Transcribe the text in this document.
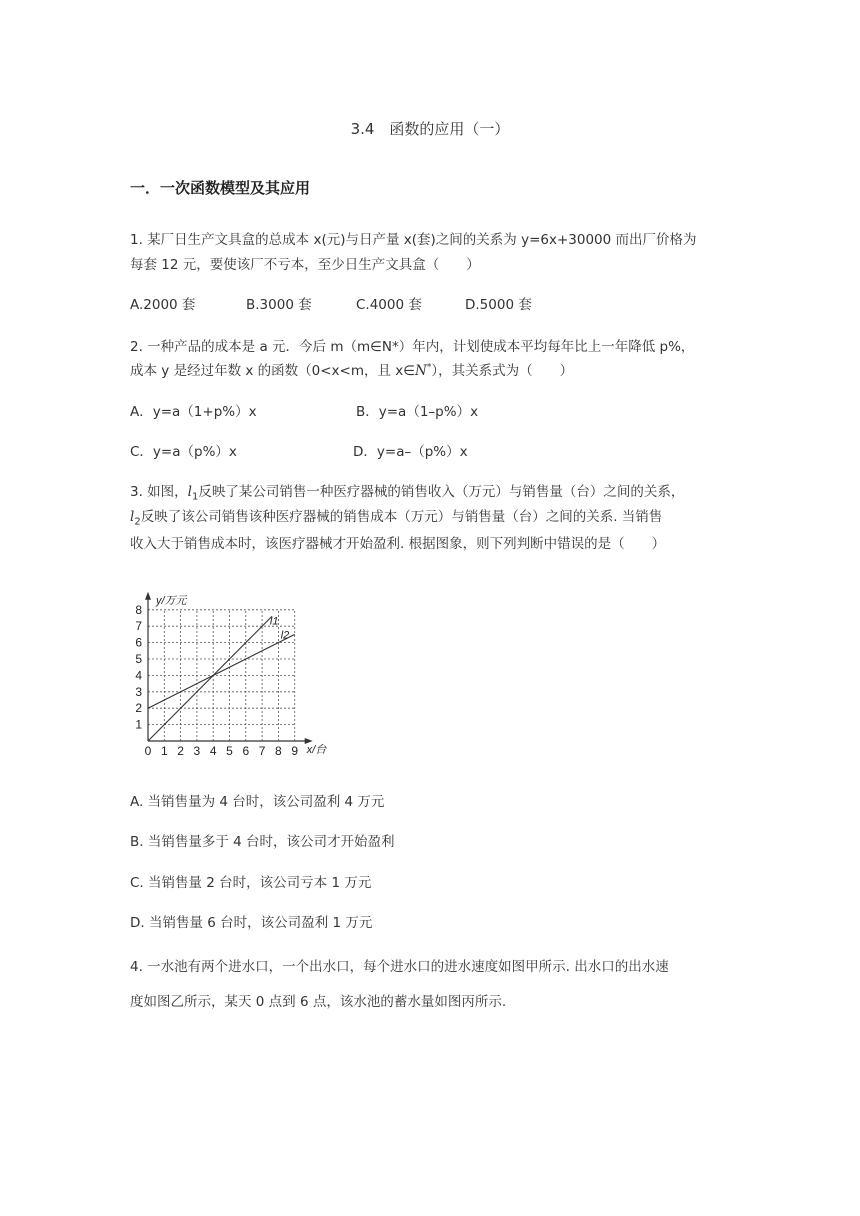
3.4　函数的应用（一）
一．一次函数模型及其应用
1. 某厂日生产文具盒的总成本 x(元)与日产量 x(套)之间的关系为 y=6x+30000 而出厂价格为
每套 12 元，要使该厂不亏本，至少日生产文具盒（　　）
A.2000 套	B.3000 套	C.4000 套	D.5000 套
2. 一种产品的成本是 a 元．今后 m（m∈N*）年内，计划使成本平均每年比上一年降低 p%，
成本 y 是经过年数 x 的函数（0<x<m，且 x∈N*），其关系式为（　　）
A．y=a（1+p%）x	B．y=a（1–p%）x
C．y=a（p%）x	D．y=a–（p%）x
3. 如图，$l_1$反映了某公司销售一种医疗器械的销售收入（万元）与销售量（台）之间的关系，
$l_2$反映了该公司销售该种医疗器械的销售成本（万元）与销售量（台）之间的关系. 当销售
收入大于销售成本时，该医疗器械才开始盈利. 根据图象，则下列判断中错误的是（　　）
0 1 2 3 4 5 6 7 8 9
1
2
3
4
5
6
7
8
y/万元
x/台
l1
l2
A. 当销售量为 4 台时，该公司盈利 4 万元
B. 当销售量多于 4 台时，该公司才开始盈利
C. 当销售量 2 台时，该公司亏本 1 万元
D. 当销售量 6 台时，该公司盈利 1 万元
4. 一水池有两个进水口，一个出水口，每个进水口的进水速度如图甲所示. 出水口的出水速
度如图乙所示，某天 0 点到 6 点，该水池的蓄水量如图丙所示.
